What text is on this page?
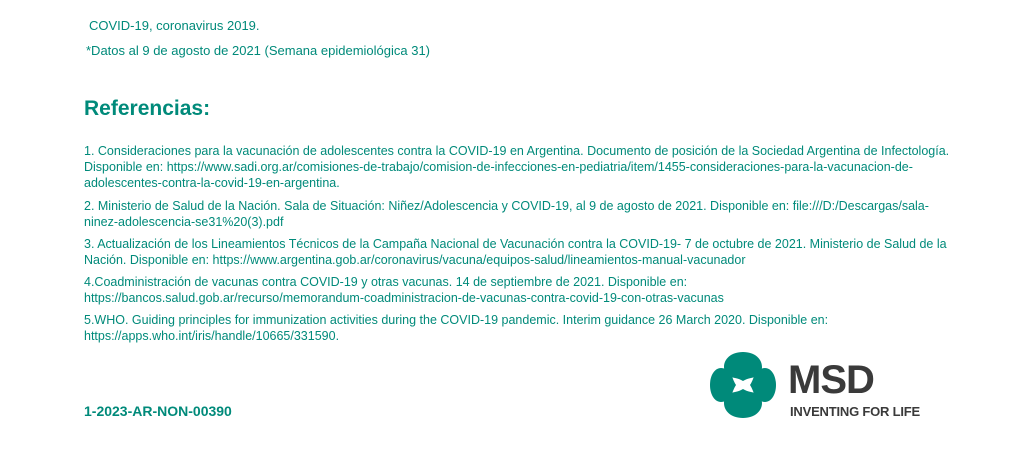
COVID-19, coronavirus 2019.
*Datos al 9 de agosto de 2021 (Semana epidemiológica 31)
Referencias:
1. Consideraciones para la vacunación de adolescentes contra la COVID-19 en Argentina. Documento de posición de la Sociedad Argentina de Infectología. Disponible en: https://www.sadi.org.ar/comisiones-de-trabajo/comision-de-infecciones-en-pediatria/item/1455-consideraciones-para-la-vacunacion-de-adolescentes-contra-la-covid-19-en-argentina.
2. Ministerio de Salud de la Nación. Sala de Situación: Niñez/Adolescencia y COVID-19, al 9 de agosto de 2021. Disponible en: file:///D:/Descargas/sala-ninez-adolescencia-se31%20(3).pdf
3. Actualización de los Lineamientos Técnicos de la Campaña Nacional de Vacunación contra la COVID-19- 7 de octubre de 2021. Ministerio de Salud de la Nación. Disponible en: https://www.argentina.gob.ar/coronavirus/vacuna/equipos-salud/lineamientos-manual-vacunador
4.Coadministración de vacunas contra COVID-19 y otras vacunas. 14 de septiembre de 2021. Disponible en: https://bancos.salud.gob.ar/recurso/memorandum-coadministracion-de-vacunas-contra-covid-19-con-otras-vacunas
5.WHO. Guiding principles for immunization activities during the COVID-19 pandemic. Interim guidance 26 March 2020. Disponible en: https://apps.who.int/iris/handle/10665/331590.
1-2023-AR-NON-00390
MSD
INVENTING FOR LIFE
